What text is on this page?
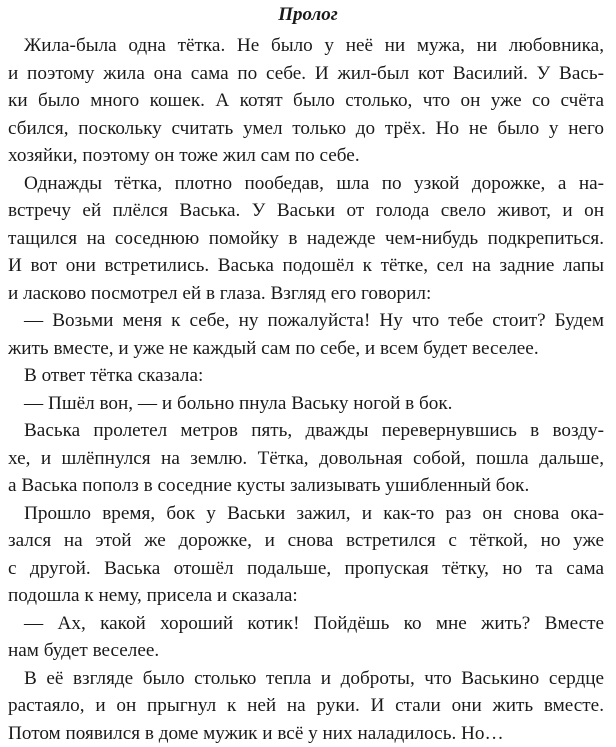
Пролог
Жила-была одна тётка. Не было у неё ни мужа, ни любовника,
и поэтому жила она сама по себе. И жил-был кот Василий. У Вась-
ки было много кошек. А котят было столько, что он уже со счёта
сбился, поскольку считать умел только до трёх. Но не было у него
хозяйки, поэтому он тоже жил сам по себе.
Однажды тётка, плотно пообедав, шла по узкой дорожке, а на-
встречу ей плёлся Васька. У Васьки от голода свело живот, и он
тащился на соседнюю помойку в надежде чем-нибудь подкрепиться.
И вот они встретились. Васька подошёл к тётке, сел на задние лапы
и ласково посмотрел ей в глаза. Взгляд его говорил:
— Возьми меня к себе, ну пожалуйста! Ну что тебе стоит? Будем
жить вместе, и уже не каждый сам по себе, и всем будет веселее.
В ответ тётка сказала:
— Пшёл вон, — и больно пнула Ваську ногой в бок.
Васька пролетел метров пять, дважды перевернувшись в возду-
хе, и шлёпнулся на землю. Тётка, довольная собой, пошла дальше,
а Васька пополз в соседние кусты зализывать ушибленный бок.
Прошло время, бок у Васьки зажил, и как-то раз он снова ока-
зался на этой же дорожке, и снова встретился с тёткой, но уже
с другой. Васька отошёл подальше, пропуская тётку, но та сама
подошла к нему, присела и сказала:
— Ах, какой хороший котик! Пойдёшь ко мне жить? Вместе
нам будет веселее.
В её взгляде было столько тепла и доброты, что Васькино сердце
растаяло, и он прыгнул к ней на руки. И стали они жить вместе.
Потом появился в доме мужик и всё у них наладилось. Но…
